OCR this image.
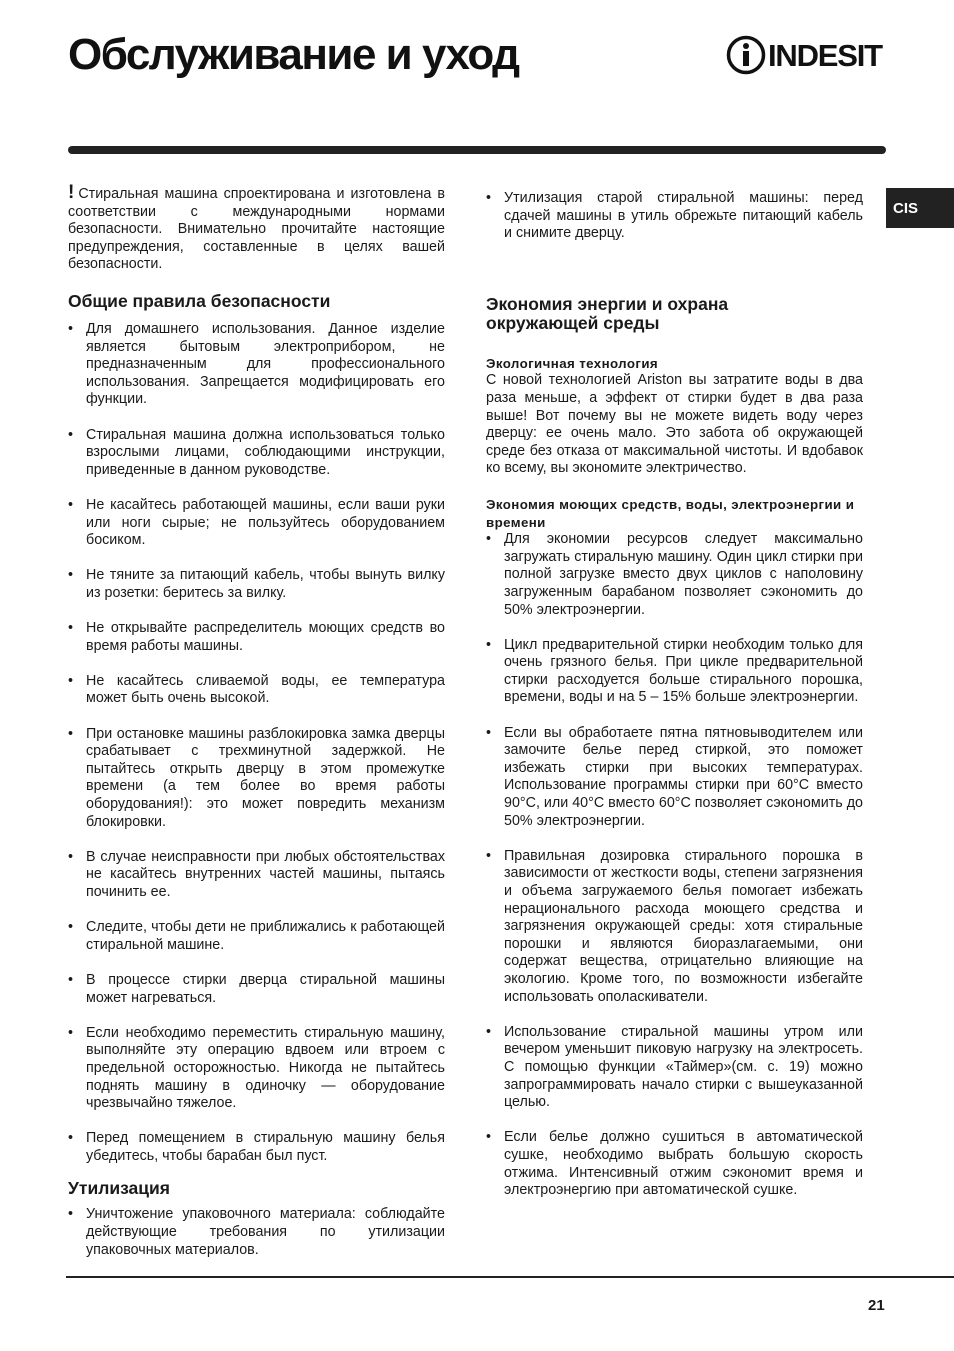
Обслуживание и уход	INDESIT
CIS

! Стиральная машина спроектирована и изготовлена в соответствии с международными нормами безопасности. Внимательно прочитайте настоящие предупреждения, составленные в целях вашей безопасности.

Общие правила безопасности
• Для домашнего использования. Данное изделие является бытовым электроприбором, не предназначенным для профессионального использования. Запрещается модифицировать его функции.
• Стиральная машина должна использоваться только взрослыми лицами, соблюдающими инструкции, приведенные в данном руководстве.
• Не касайтесь работающей машины, если ваши руки или ноги сырые; не пользуйтесь оборудованием босиком.
• Не тяните за питающий кабель, чтобы вынуть вилку из розетки: беритесь за вилку.
• Не открывайте распределитель моющих средств во время работы машины.
• Не касайтесь сливаемой воды, ее температура может быть очень высокой.
• При остановке машины разблокировка замка дверцы срабатывает с трехминутной задержкой. Не пытайтесь открыть дверцу в этом промежуткe времени (а тем более во время работы оборудования!): это может повредить механизм блокировки.
• В случае неисправности при любых обстоятельствах не касайтесь внутренних частей машины, пытаясь починить ее.
• Следите, чтобы дети не приближались к работающей стиральной машине.
• В процессе стирки дверца стиральной машины может нагреваться.
• Если необходимо переместить стиральную машину, выполняйте эту операцию вдвоем или втроем с предельной осторожностью. Никогда не пытайтесь поднять машину в одиночку — оборудование чрезвычайно тяжелое.
• Перед помещением в стиральную машину белья убедитесь, чтобы барабан был пуст.
Утилизация
• Уничтожение упаковочного материала: соблюдайте действующие требования по утилизации упаковочных материалов.
• Утилизация старой стиральной машины: перед сдачей машины в утиль обрежьте питающий кабель и снимите дверцу.
Экономия энергии и охрана окружающей среды
Экологичная технология

С новой технологией Ariston вы затратите воды в два раза меньше, а эффект от стирки будет в два раза выше! Вот почему вы не можете видеть воду через дверцу: ее очень мало. Это забота об окружающей среде без отказа от максимальной чистоты. И вдобавок ко всему, вы экономите электричество.

Экономия моющих средств, воды, электроэнергии и времени
• Для экономии ресурсов следует максимально загружать стиральную машину. Один цикл стирки при полной загрузке вместо двух циклов с наполовину загруженным барабаном позволяет сэкономить до 50% электроэнергии.
• Цикл предварительной стирки необходим только для очень грязного белья. При цикле предварительной стирки расходуется больше стирального порошка, времени, воды и на 5 – 15% больше электроэнергии.
• Если вы обработаете пятна пятновыводителем или замочите белье перед стиркой, это поможет избежать стирки при высоких температурах. Использование программы стирки при 60°С вместо 90°С, или 40°С вместо 60°С позволяет сэкономить до 50% электроэнергии.
• Правильная дозировка стирального порошка в зависимости от жесткости воды, степени загрязнения и объема загружаемого белья помогает избежать нерационального расхода моющего средства и загрязнения окружающей среды: хотя стиральные порошки и являются биоразлагаемыми, они содержат вещества, отрицательно влияющие на экологию. Кроме того, по возможности избегайте использовать ополаскиватели.
• Использование стиральной машины утром или вечером уменьшит пиковую нагрузку на электросеть. С помощью функции «Таймер»(см. с. 19) можно запрограммировать начало стирки с вышеуказанной целью.
• Если белье должно сушиться в автоматической сушке, необходимо выбрать большую скорость отжима. Интенсивный отжим сэкономит время и электроэнергию при автоматической сушке.
21
